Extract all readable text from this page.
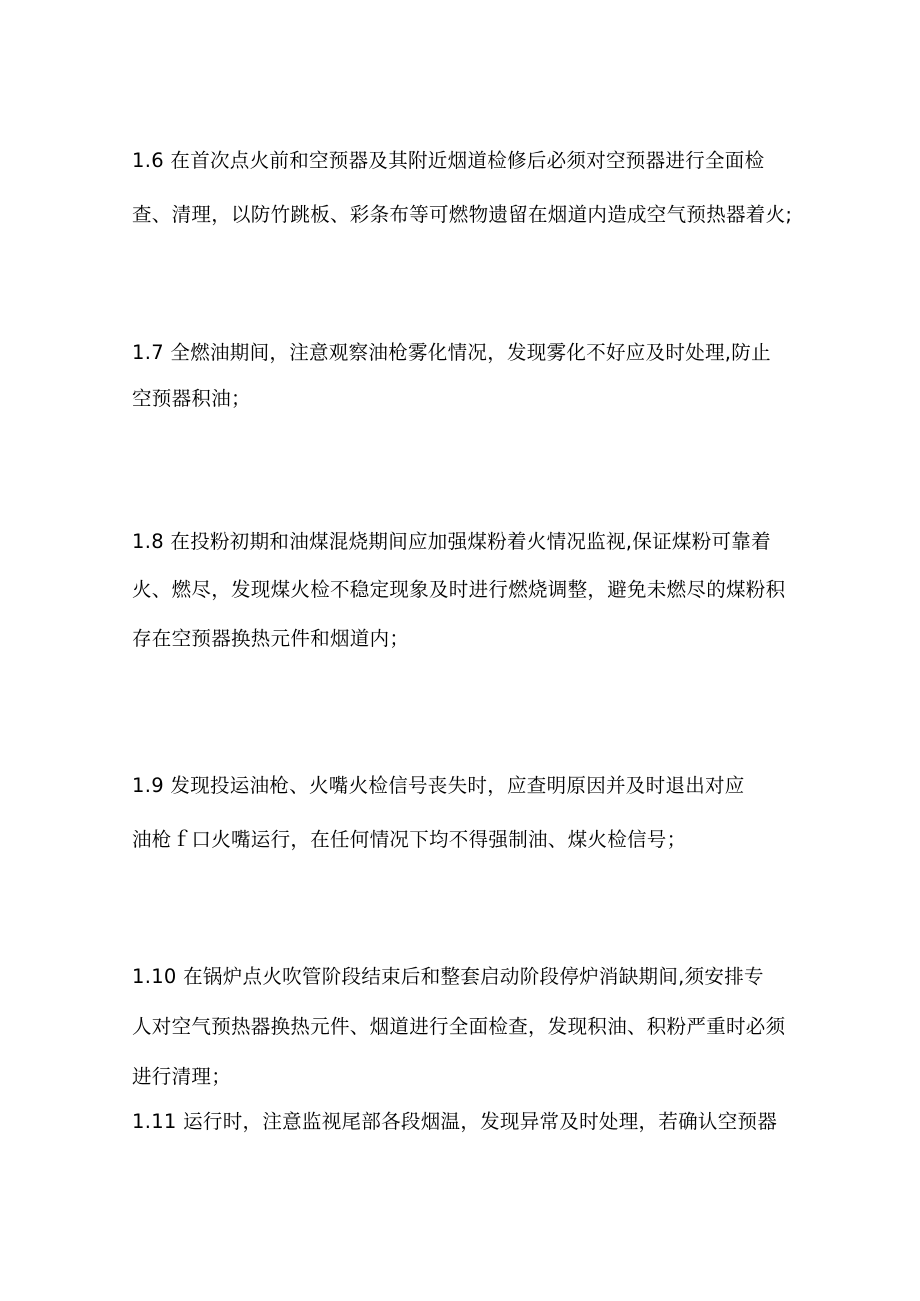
1.6 在首次点火前和空预器及其附近烟道检修后必须对空预器进行全面检
查、清理，以防竹跳板、彩条布等可燃物遗留在烟道内造成空气预热器着火;
1.7 全燃油期间，注意观察油枪雾化情况，发现雾化不好应及时处理,防止
空预器积油；
1.8 在投粉初期和油煤混烧期间应加强煤粉着火情况监视,保证煤粉可靠着
火、燃尽，发现煤火检不稳定现象及时进行燃烧调整，避免未燃尽的煤粉积
存在空预器换热元件和烟道内；
1.9 发现投运油枪、火嘴火检信号丧失时，应查明原因并及时退出对应
油枪ｆ口火嘴运行，在任何情况下均不得强制油、煤火检信号；
1.10 在锅炉点火吹管阶段结束后和整套启动阶段停炉消缺期间,须安排专
人对空气预热器换热元件、烟道进行全面检查，发现积油、积粉严重时必须
进行清理；
1.11 运行时，注意监视尾部各段烟温，发现异常及时处理，若确认空预器
